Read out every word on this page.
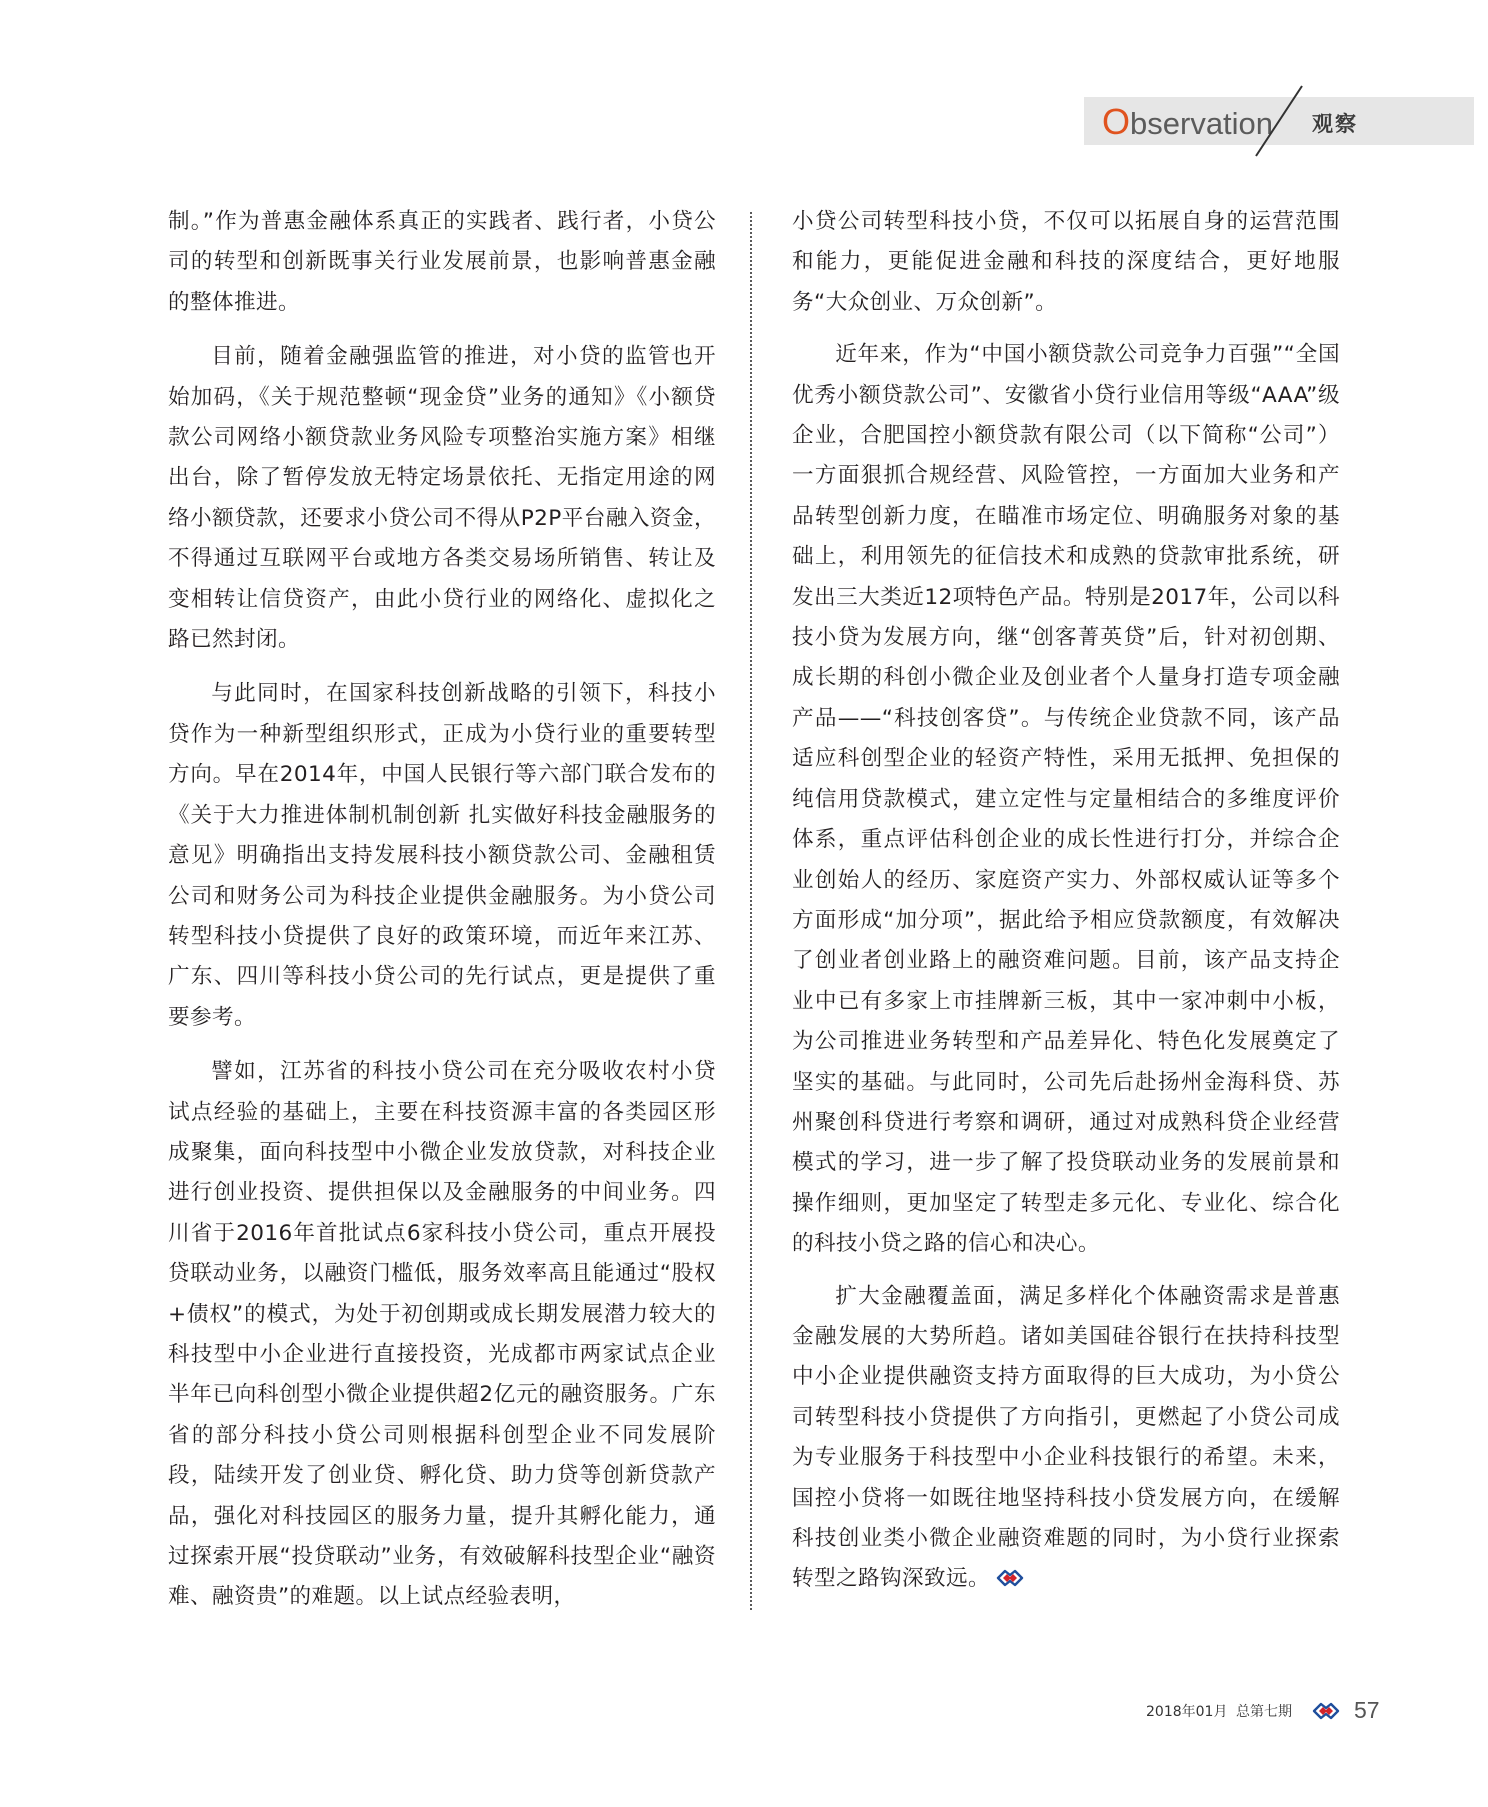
Observation 观察

制。”作为普惠金融体系真正的实践者、践行者，小贷公司的转型和创新既事关行业发展前景，也影响普惠金融的整体推进。

目前，随着金融强监管的推进，对小贷的监管也开始加码，《关于规范整顿“现金贷”业务的通知》《小额贷款公司网络小额贷款业务风险专项整治实施方案》相继出台，除了暂停发放无特定场景依托、无指定用途的网络小额贷款，还要求小贷公司不得从P2P平台融入资金，不得通过互联网平台或地方各类交易场所销售、转让及变相转让信贷资产，由此小贷行业的网络化、虚拟化之路已然封闭。

与此同时，在国家科技创新战略的引领下，科技小贷作为一种新型组织形式，正成为小贷行业的重要转型方向。早在2014年，中国人民银行等六部门联合发布的《关于大力推进体制机制创新 扎实做好科技金融服务的意见》明确指出支持发展科技小额贷款公司、金融租赁公司和财务公司为科技企业提供金融服务。为小贷公司转型科技小贷提供了良好的政策环境，而近年来江苏、广东、四川等科技小贷公司的先行试点，更是提供了重要参考。

譬如，江苏省的科技小贷公司在充分吸收农村小贷试点经验的基础上，主要在科技资源丰富的各类园区形成聚集，面向科技型中小微企业发放贷款，对科技企业进行创业投资、提供担保以及金融服务的中间业务。四川省于2016年首批试点6家科技小贷公司，重点开展投贷联动业务，以融资门槛低，服务效率高且能通过“股权+债权”的模式，为处于初创期或成长期发展潜力较大的科技型中小企业进行直接投资，光成都市两家试点企业半年已向科创型小微企业提供超2亿元的融资服务。广东省的部分科技小贷公司则根据科创型企业不同发展阶段，陆续开发了创业贷、孵化贷、助力贷等创新贷款产品，强化对科技园区的服务力量，提升其孵化能力，通过探索开展“投贷联动”业务，有效破解科技型企业“融资难、融资贵”的难题。以上试点经验表明，

小贷公司转型科技小贷，不仅可以拓展自身的运营范围和能力，更能促进金融和科技的深度结合，更好地服务“大众创业、万众创新”。

近年来，作为“中国小额贷款公司竞争力百强”“全国优秀小额贷款公司”、安徽省小贷行业信用等级“AAA”级企业，合肥国控小额贷款有限公司（以下简称“公司”）一方面狠抓合规经营、风险管控，一方面加大业务和产品转型创新力度，在瞄准市场定位、明确服务对象的基础上，利用领先的征信技术和成熟的贷款审批系统，研发出三大类近12项特色产品。特别是2017年，公司以科技小贷为发展方向，继“创客菁英贷”后，针对初创期、成长期的科创小微企业及创业者个人量身打造专项金融产品——“科技创客贷”。与传统企业贷款不同，该产品适应科创型企业的轻资产特性，采用无抵押、免担保的纯信用贷款模式，建立定性与定量相结合的多维度评价体系，重点评估科创企业的成长性进行打分，并综合企业创始人的经历、家庭资产实力、外部权威认证等多个方面形成“加分项”，据此给予相应贷款额度，有效解决了创业者创业路上的融资难问题。目前，该产品支持企业中已有多家上市挂牌新三板，其中一家冲刺中小板，为公司推进业务转型和产品差异化、特色化发展奠定了坚实的基础。与此同时，公司先后赴扬州金海科贷、苏州聚创科贷进行考察和调研，通过对成熟科贷企业经营模式的学习，进一步了解了投贷联动业务的发展前景和操作细则，更加坚定了转型走多元化、专业化、综合化的科技小贷之路的信心和决心。

扩大金融覆盖面，满足多样化个体融资需求是普惠金融发展的大势所趋。诸如美国硅谷银行在扶持科技型中小企业提供融资支持方面取得的巨大成功，为小贷公司转型科技小贷提供了方向指引，更燃起了小贷公司成为专业服务于科技型中小企业科技银行的希望。未来，国控小贷将一如既往地坚持科技小贷发展方向，在缓解科技创业类小微企业融资难题的同时，为小贷行业探索转型之路钩深致远。

2018年01月 总第七期	57
